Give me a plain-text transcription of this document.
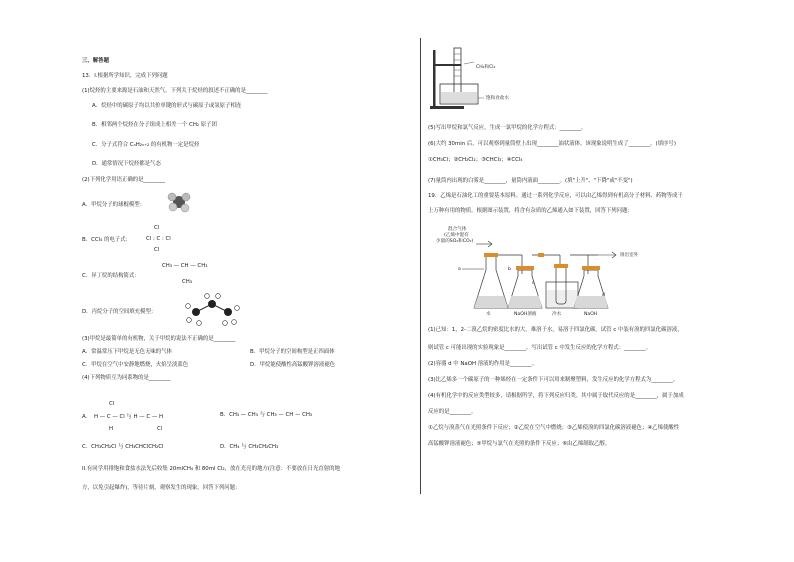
三、解答题
13．I.根据所学知识，完成下列问题
(1)烷烃的主要来源是石油和天然气。下列关于烷烃的叙述不正确的是________
A．烷烃中的碳原子均以共价单键的形式与碳原子或氢原子相连
B．相邻两个烷烃在分子组成上相差一个 CH₂ 原子团
C．分子式符合 CₙH₂ₙ₊₂ 的有机物一定是烷烃
D．通常情况下烷烃都是气态
(2)下列化学用语正确的是________
A．甲烷分子的球棍模型：
B．CCl₄ 的电子式：
Cl
Cl : C : Cl
Cl
C．异丁烷的结构简式：
CH₃ — CH — CH₃
CH₃
D．丙烷分子的空间填充模型：
(3)甲烷是最简单的有机物，关于甲烷的说法不正确的是________
A．常温常压下甲烷是无色无味的气体	B．甲烷分子的空间构型是正四面体
C．甲烷在空气中安静地燃烧，火焰呈淡蓝色	D．甲烷能使酸性高锰酸钾溶液褪色
(4)下列物质互为同系物的是________
A．
Cl
H — C — Cl 与 H — C — H
H	Cl
B．CH₃ — CH₃ 与 CH₃ — CH — CH₃
C．CH₃CH₂Cl 与 CH₃CHClCH₂Cl	D．CH₄ 与 CH₃CH₂CH₃
II.有同学用排饱和食盐水法先后收集 20mlCH₄ 和 80ml Cl₂，放在光亮的地方(注意：不要放在日光直射的地
方，以免引起爆炸)，等待片刻，观察发生的现象。回答下列问题：
CH₄和Cl₂
饱和食盐水
(5)写出甲烷和氯气反应，生成一氯甲烷的化学方程式：________。
(6)大约 30min 后，可以观察到量筒壁上出现________油状液体，该现象说明生成了________。(填序号)
①CH₃Cl；②CH₂Cl₂；③CHCl₃；④CCl₄
(7)量筒内出现的白雾是________，量筒内液面________。(填"上升"、"下降"或"不变")
19．乙烯是石油化工的重要基本原料。通过一系列化学反应，可以由乙烯得到有机高分子材料、药物等成千
上万种有用的物质。根据图示装置，将含有杂质的乙烯通入如下装置，回答下列问题：
混合气体
(乙烯中混有
少量的SO₂和CO₂)
a	b
c
d
排出室外
水	NaOH溶液	冷水	NaOH
(1)已知：1，2-二溴乙烷的密度比水的大，难溶于水，易溶于四氯化碳。试管 c 中装有溴的四氯化碳溶液，
则试管 c 可能出现的实验现象是________，写出试管 c 中发生反应的化学方程式：________。
(2)容器 d 中 NaOH 溶液的作用是________。
(3)比乙烯多一个碳原子的一种烯烃在一定条件下可以用来制聚塑料，发生反应的化学方程式为________。
(4)有机化学中的反应类型较多，请根据所学，将下列反应归类。其中属于取代反应的是________，属于加成
反应的是________。
①乙烷与溴蒸气在光照条件下反应；②乙烷在空气中燃烧；③乙烯使溴的四氯化碳溶液褪色；④乙烯使酸性
高锰酸钾溶液褪色；⑤甲烷与氯气在光照的条件下反应；⑥由乙烯制取乙醇。
